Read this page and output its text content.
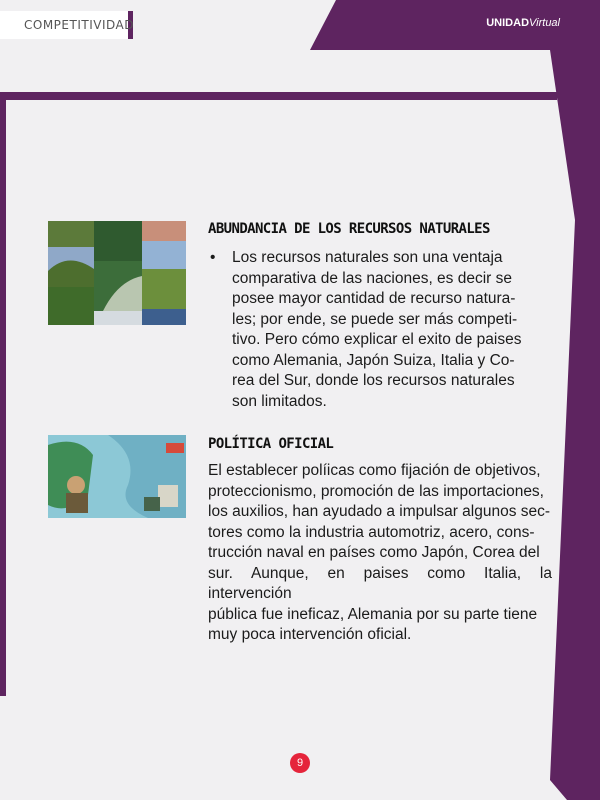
COMPETITIVIDAD	UNIDADVirtual
ABUNDANCIA DE LOS RECURSOS NATURALES
•	Los recursos naturales son una ventaja
comparativa de las naciones, es decir se
posee mayor cantidad de recurso natura-
les; por ende, se puede ser más competi-
tivo. Pero cómo explicar el exito de paises
como Alemania, Japón Suiza, Italia y Co-
rea del Sur, donde los recursos naturales
son limitados.
POLÍTICA OFICIAL
El establecer políicas como fijación de objetivos,
proteccionismo, promoción de las importaciones,
los auxilios, han ayudado a impulsar algunos sec-
tores como la industria automotriz, acero, cons-
trucción naval en países como Japón, Corea del
sur. Aunque, en paises como Italia, la intervención
pública fue ineficaz, Alemania por su parte tiene
muy poca intervención oficial.
9
